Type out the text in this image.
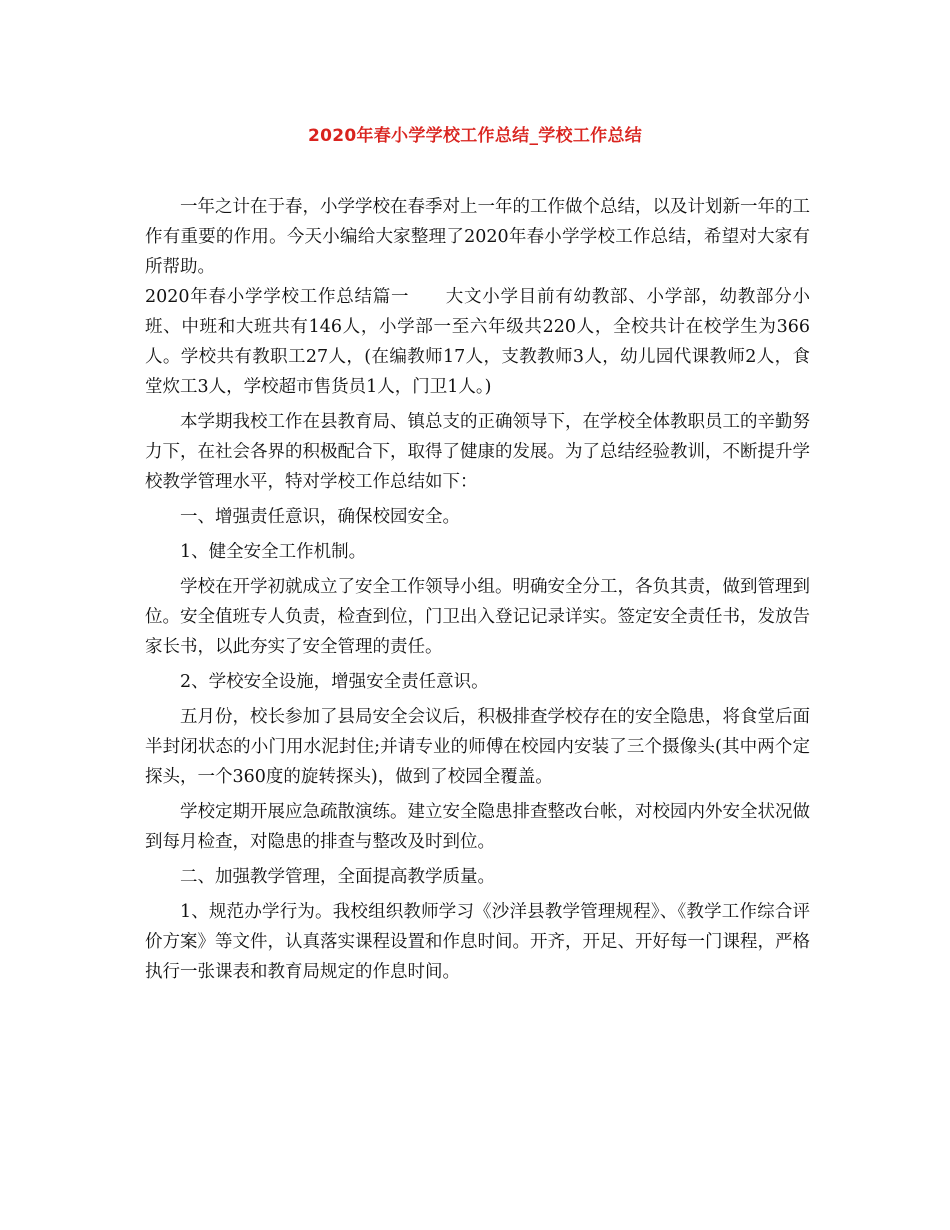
2020年春小学学校工作总结_学校工作总结

一年之计在于春，小学学校在春季对上一年的工作做个总结，以及计划新一年的工作有重要的作用。今天小编给大家整理了2020年春小学学校工作总结，希望对大家有所帮助。

2020年春小学学校工作总结篇一　　大文小学目前有幼教部、小学部，幼教部分小班、中班和大班共有146人，小学部一至六年级共220人，全校共计在校学生为366人。学校共有教职工27人，(在编教师17人，支教教师3人，幼儿园代课教师2人，食堂炊工3人，学校超市售货员1人，门卫1人。)

本学期我校工作在县教育局、镇总支的正确领导下，在学校全体教职员工的辛勤努力下，在社会各界的积极配合下，取得了健康的发展。为了总结经验教训，不断提升学校教学管理水平，特对学校工作总结如下：

一、增强责任意识，确保校园安全。

1、健全安全工作机制。

学校在开学初就成立了安全工作领导小组。明确安全分工，各负其责，做到管理到位。安全值班专人负责，检查到位，门卫出入登记记录详实。签定安全责任书，发放告家长书，以此夯实了安全管理的责任。

2、学校安全设施，增强安全责任意识。

五月份，校长参加了县局安全会议后，积极排查学校存在的安全隐患，将食堂后面半封闭状态的小门用水泥封住;并请专业的师傅在校园内安装了三个摄像头(其中两个定探头，一个360度的旋转探头)，做到了校园全覆盖。

学校定期开展应急疏散演练。建立安全隐患排查整改台帐，对校园内外安全状况做到每月检查，对隐患的排查与整改及时到位。

二、加强教学管理，全面提高教学质量。

1、规范办学行为。我校组织教师学习《沙洋县教学管理规程》、《教学工作综合评价方案》等文件，认真落实课程设置和作息时间。开齐，开足、开好每一门课程，严格执行一张课表和教育局规定的作息时间。
